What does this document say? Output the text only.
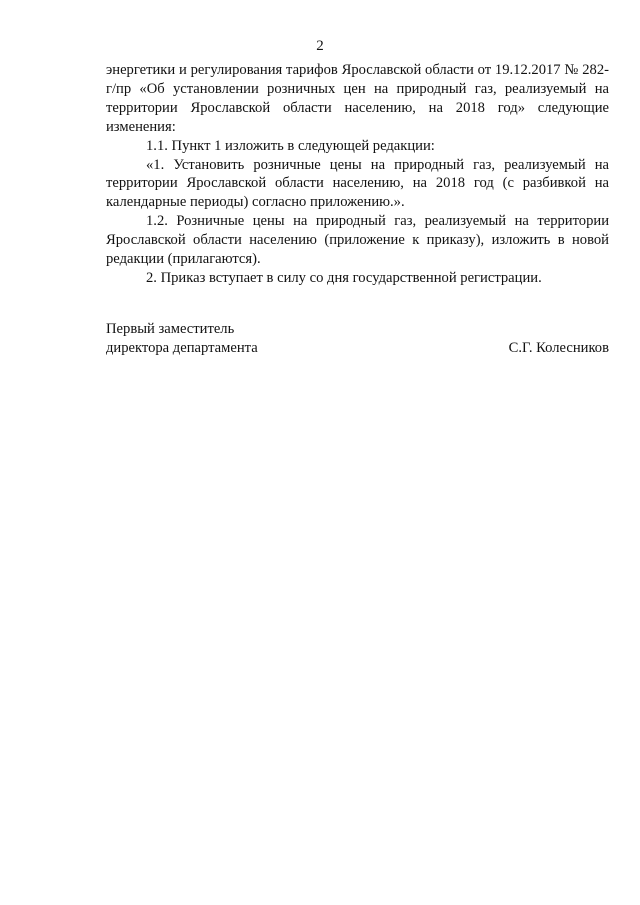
2

энергетики и регулирования тарифов Ярославской области от 19.12.2017 № 282-г/пр «Об установлении розничных цен на природный газ, реализуемый на территории Ярославской области населению, на 2018 год» следующие изменения:

1.1. Пункт 1 изложить в следующей редакции:

«1. Установить розничные цены на природный газ, реализуемый на территории Ярославской области населению, на 2018 год (с разбивкой на календарные периоды) согласно приложению.».

1.2. Розничные цены на природный газ, реализуемый на территории Ярославской области населению (приложение к приказу), изложить в новой редакции (прилагаются).

2. Приказ вступает в силу со дня государственной регистрации.

Первый заместитель
директора департамента	С.Г. Колесников
